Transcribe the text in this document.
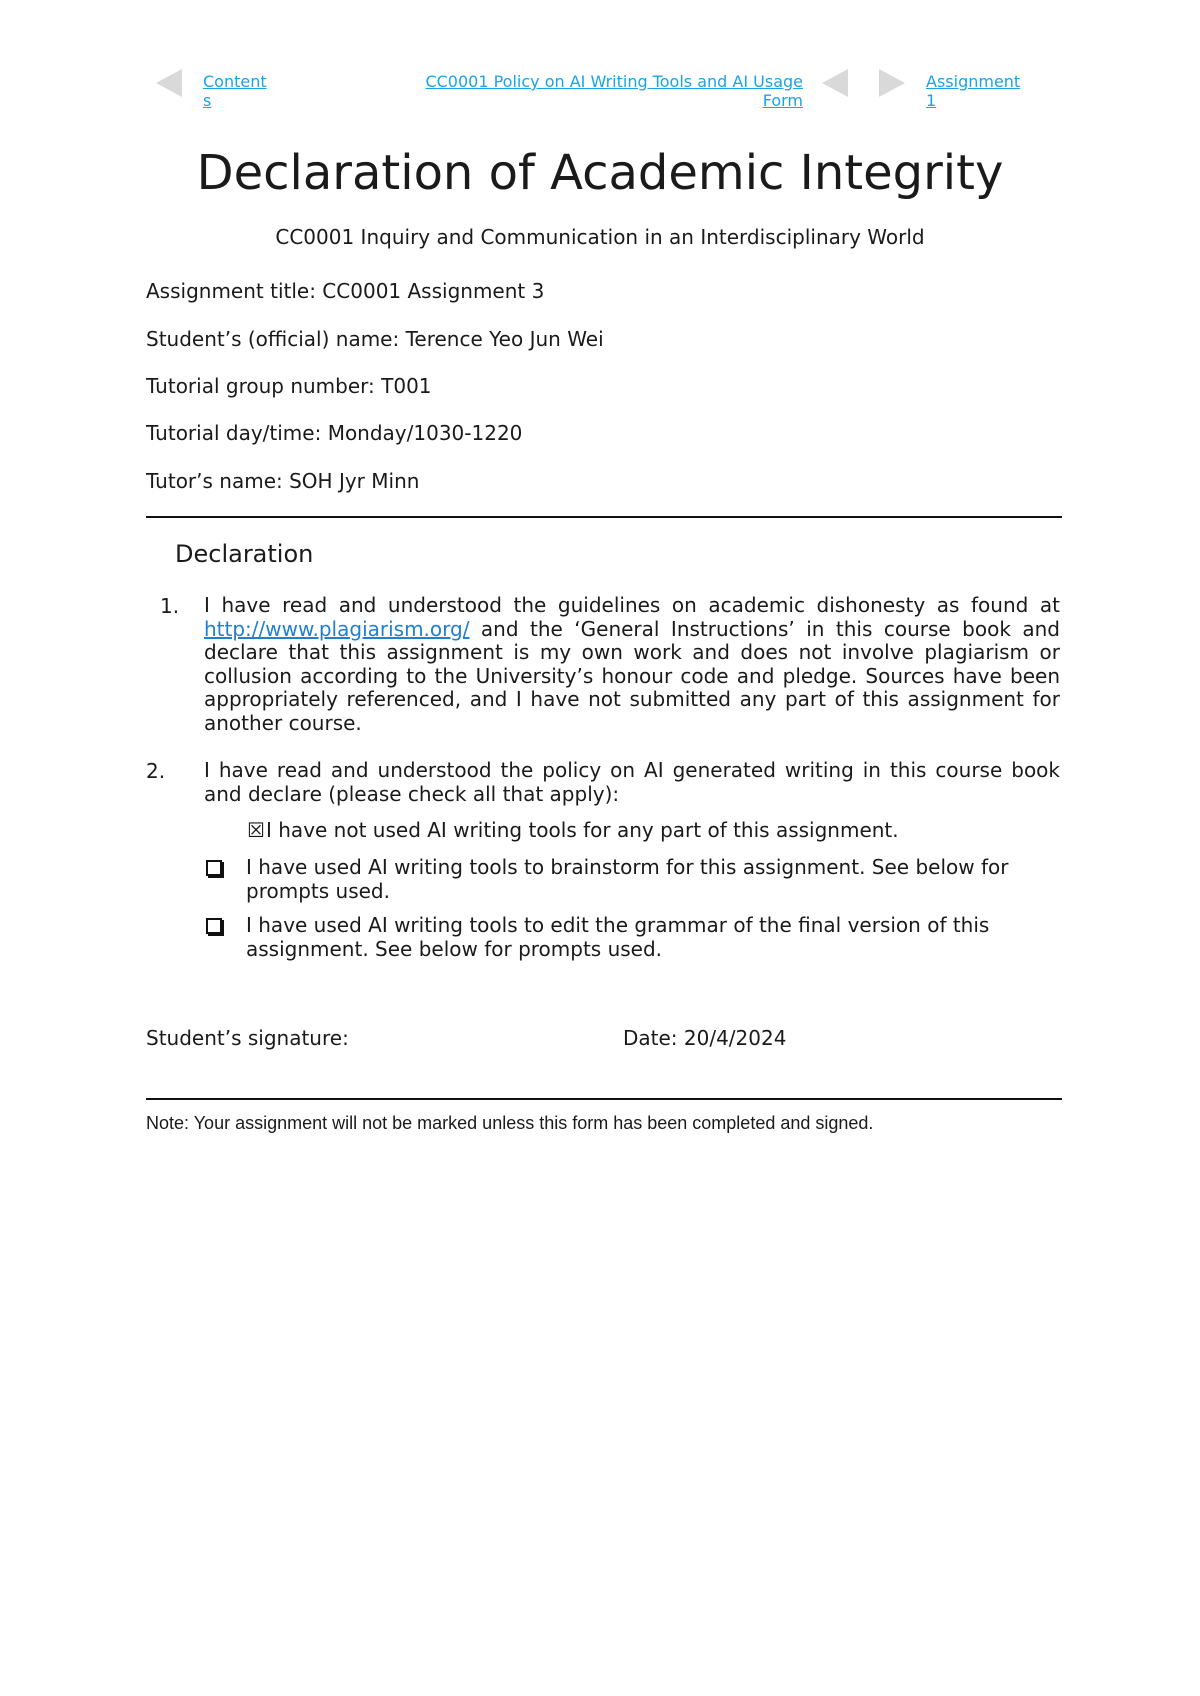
Contents
CC0001 Policy on AI Writing Tools and AI Usage Form
Assignment 1
Declaration of Academic Integrity
CC0001 Inquiry and Communication in an Interdisciplinary World
Assignment title: CC0001 Assignment 3
Student’s (official) name: Terence Yeo Jun Wei
Tutorial group number: T001
Tutorial day/time: Monday/1030-1220
Tutor’s name: SOH Jyr Minn
Declaration
1. I have read and understood the guidelines on academic dishonesty as found at http://www.plagiarism.org/ and the ‘General Instructions’ in this course book and declare that this assignment is my own work and does not involve plagiarism or collusion according to the University’s honour code and pledge. Sources have been appropriately referenced, and I have not submitted any part of this assignment for another course.
2. I have read and understood the policy on AI generated writing in this course book and declare (please check all that apply):
☒ I have not used AI writing tools for any part of this assignment.
I have used AI writing tools to brainstorm for this assignment. See below for prompts used.
I have used AI writing tools to edit the grammar of the final version of this assignment. See below for prompts used.
Student’s signature:	Date: 20/4/2024
Note: Your assignment will not be marked unless this form has been completed and signed.
